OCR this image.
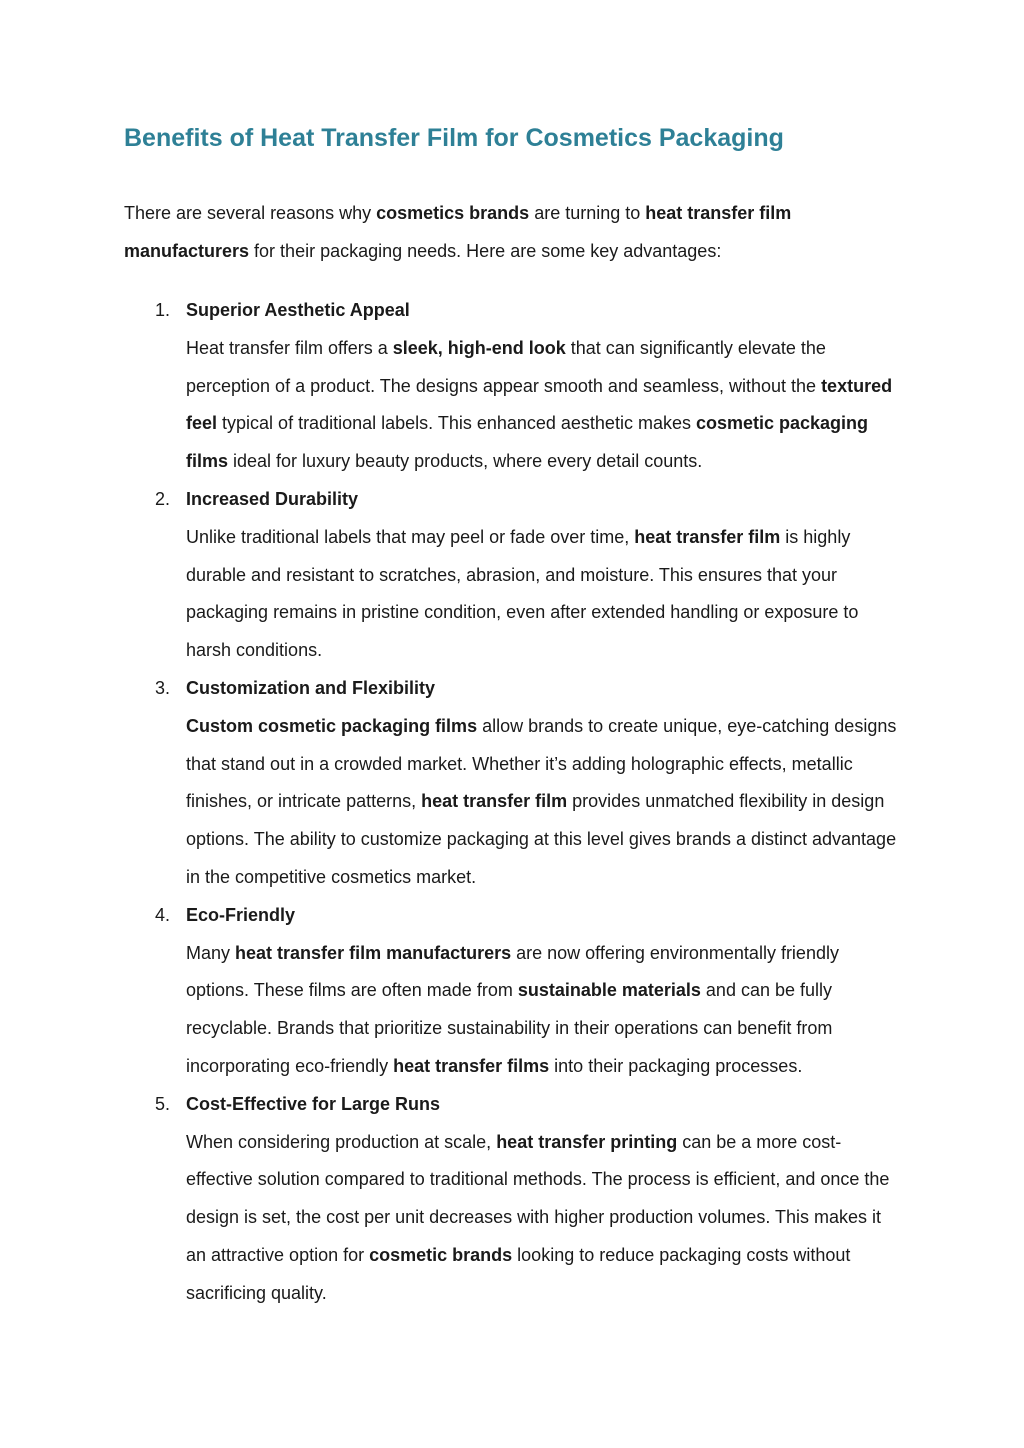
Benefits of Heat Transfer Film for Cosmetics Packaging

There are several reasons why cosmetics brands are turning to heat transfer film manufacturers for their packaging needs. Here are some key advantages:

1. Superior Aesthetic Appeal
Heat transfer film offers a sleek, high-end look that can significantly elevate the perception of a product. The designs appear smooth and seamless, without the textured feel typical of traditional labels. This enhanced aesthetic makes cosmetic packaging films ideal for luxury beauty products, where every detail counts.
2. Increased Durability
Unlike traditional labels that may peel or fade over time, heat transfer film is highly durable and resistant to scratches, abrasion, and moisture. This ensures that your packaging remains in pristine condition, even after extended handling or exposure to harsh conditions.
3. Customization and Flexibility
Custom cosmetic packaging films allow brands to create unique, eye-catching designs that stand out in a crowded market. Whether it’s adding holographic effects, metallic finishes, or intricate patterns, heat transfer film provides unmatched flexibility in design options. The ability to customize packaging at this level gives brands a distinct advantage in the competitive cosmetics market.
4. Eco-Friendly
Many heat transfer film manufacturers are now offering environmentally friendly options. These films are often made from sustainable materials and can be fully recyclable. Brands that prioritize sustainability in their operations can benefit from incorporating eco-friendly heat transfer films into their packaging processes.
5. Cost-Effective for Large Runs
When considering production at scale, heat transfer printing can be a more cost-effective solution compared to traditional methods. The process is efficient, and once the design is set, the cost per unit decreases with higher production volumes. This makes it an attractive option for cosmetic brands looking to reduce packaging costs without sacrificing quality.
